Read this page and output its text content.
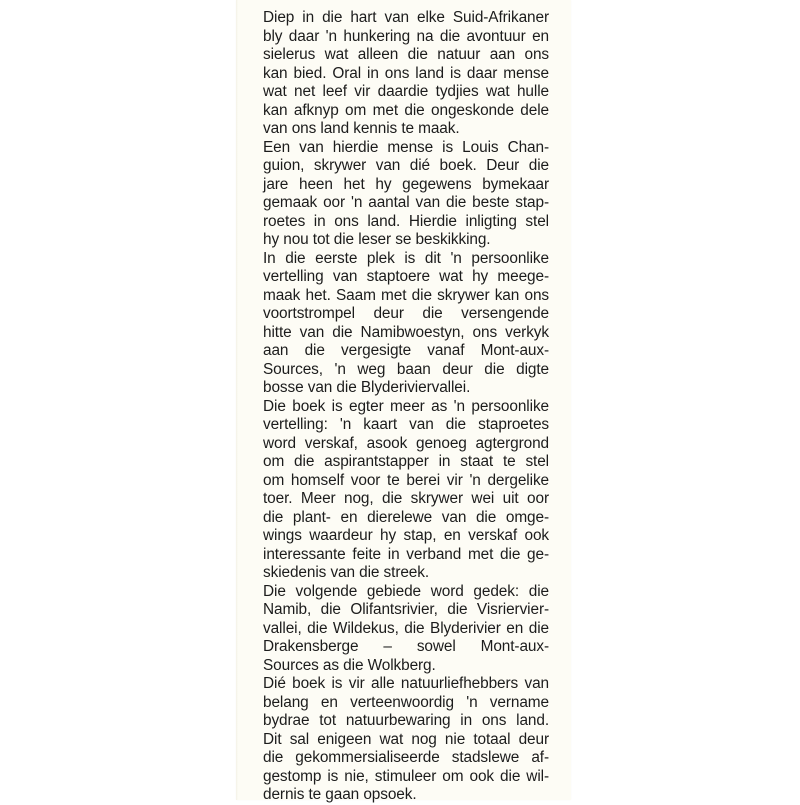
Diep in die hart van elke Suid-Afrikaner
bly daar 'n hunkering na die avontuur en
sielerus wat alleen die natuur aan ons
kan bied. Oral in ons land is daar mense
wat net leef vir daardie tydjies wat hulle
kan afknyp om met die ongeskonde dele
van ons land kennis te maak.

Een van hierdie mense is Louis Chan-
guion, skrywer van dié boek. Deur die
jare heen het hy gegewens bymekaar
gemaak oor 'n aantal van die beste stap-
roetes in ons land. Hierdie inligting stel
hy nou tot die leser se beskikking.

In die eerste plek is dit 'n persoonlike
vertelling van staptoere wat hy meege-
maak het. Saam met die skrywer kan ons
voortstrompel deur die versengende
hitte van die Namibwoestyn, ons verkyk
aan die vergesigte vanaf Mont-aux-
Sources, 'n weg baan deur die digte
bosse van die Blyderiviervallei.

Die boek is egter meer as 'n persoonlike
vertelling: 'n kaart van die staproetes
word verskaf, asook genoeg agtergrond
om die aspirantstapper in staat te stel
om homself voor te berei vir 'n dergelike
toer. Meer nog, die skrywer wei uit oor
die plant- en dierelewe van die omge-
wings waardeur hy stap, en verskaf ook
interessante feite in verband met die ge-
skiedenis van die streek.

Die volgende gebiede word gedek: die
Namib, die Olifantsrivier, die Visriervier-
vallei, die Wildekus, die Blyderivier en die
Drakensberge – sowel Mont-aux-
Sources as die Wolkberg.

Dié boek is vir alle natuurliefhebbers van
belang en verteenwoordig 'n vername
bydrae tot natuurbewaring in ons land.
Dit sal enigeen wat nog nie totaal deur
die gekommersialiseerde stadslewe af-
gestomp is nie, stimuleer om ook die wil-
dernis te gaan opsoek.
